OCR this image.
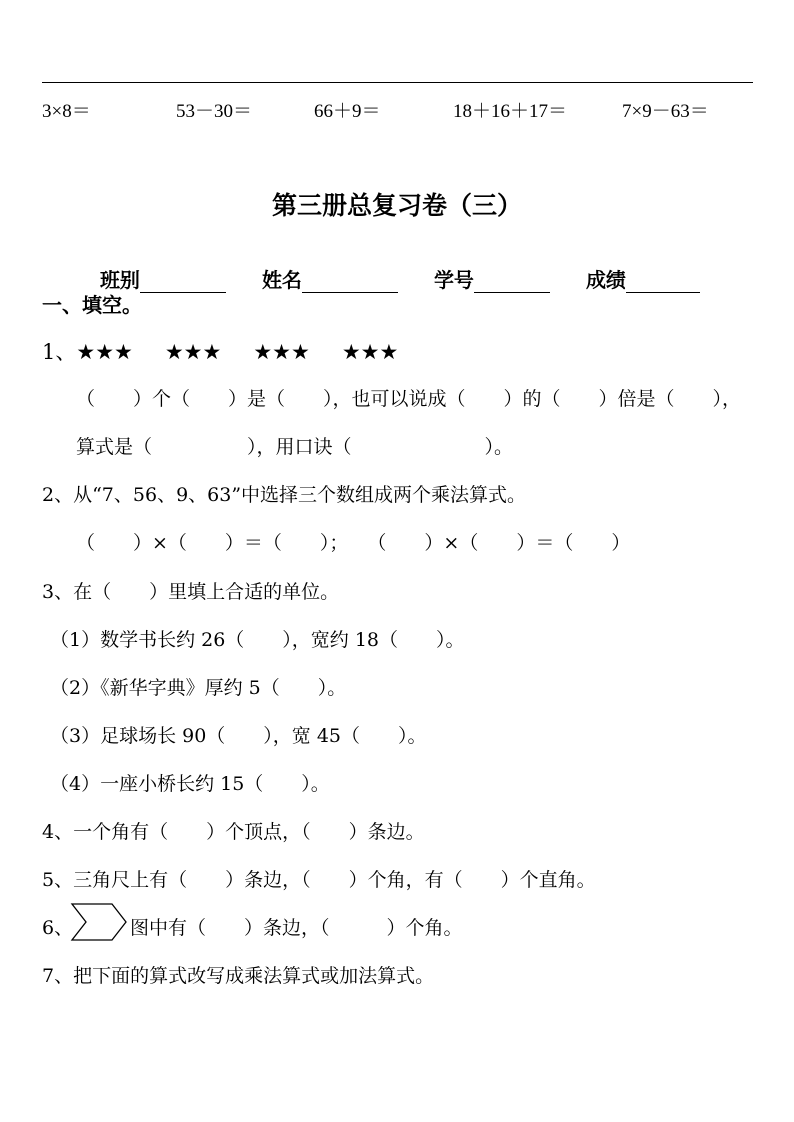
3×8＝	53－30＝	66＋9＝	18＋16＋17＝	7×9－63＝
第三册总复习卷（三）

班别	姓名	学号	成绩

一、填空。
1、★★★ ★★★ ★★★ ★★★
（　　）个（　　）是（　　），也可以说成（　　）的（　　）倍是（　　），
算式是（　　　　　），用口诀（　　　　　　　）。
2、从“7、56、9、63”中选择三个数组成两个乘法算式。
（　　）×（　　）＝（　　）；　　（　　）×（　　）＝（　　）
3、在（　　）里填上合适的单位。
（1）数学书长约 26（　　），宽约 18（　　）。
（2）《新华字典》厚约 5（　　）。
（3）足球场长 90（　　），宽 45（　　）。
（4）一座小桥长约 15（　　）。
4、一个角有（　　）个顶点，（　　）条边。
5、三角尺上有（　　）条边，（　　）个角，有（　　）个直角。
6、	图中有（　　）条边，（　　　）个角。
7、把下面的算式改写成乘法算式或加法算式。
